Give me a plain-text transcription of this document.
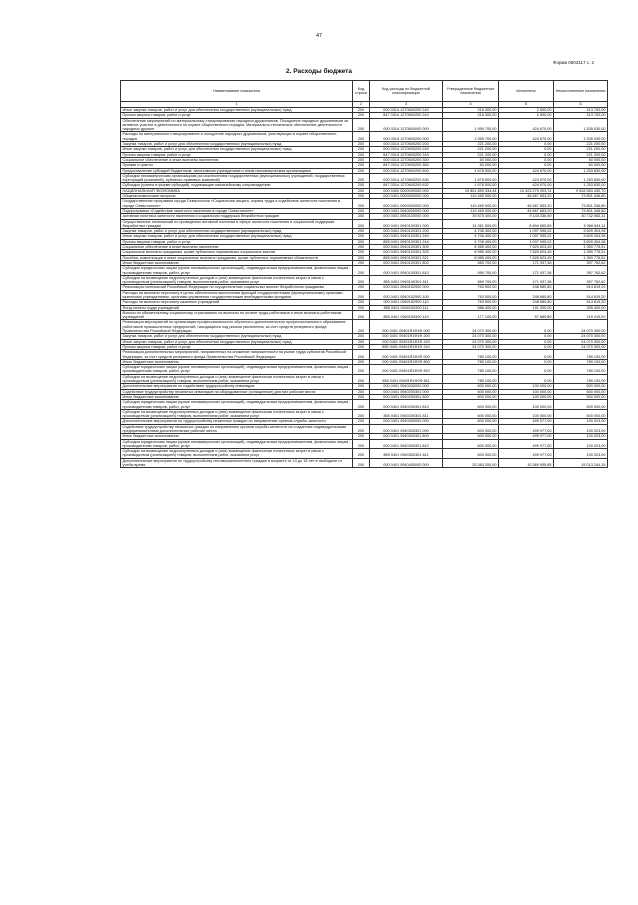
47
Форма 0503117 с. 2
2. Расходы бюджета
Наименование показателя	Код строки	Код расхода по бюджетной классификации	Утвержденные бюджетные назначения	Исполнено	Неисполненные назначения
1	2	3	4	5	6
Иные закупки товаров, работ и услуг для обеспечения государственных (муниципальных) нужд	200	000 0314 1270600200 240	316 300,00	2 600,00	313 700,00
Прочая закупка товаров, работ и услуг	200	847 0314 1270600200 244	316 300,00	2 600,00	313 700,00
Обеспечение мероприятий по материальному стимулированию народных дружинников. Поощрение народных дружинников за активное участие в деятельности по охране общественного порядка. Материально-техническое обеспечение деятельности народных дружин	200	000 0314 1270600000 000	1 959 700,00	424 670,00	1 535 030,00
Расходы на материальное стимулирование и поощрение народных дружинников, участвующих в охране общественного порядка	200	000 0314 1270600200 000	1 959 700,00	424 670,00	1 535 030,00
Закупка товаров, работ и услуг для обеспечения государственных (муниципальных) нужд	200	000 0314 1270600200 200	221 200,00	0,00	221 200,00
Иные закупки товаров, работ и услуг для обеспечения государственных (муниципальных) нужд	200	000 0314 1270600200 240	221 200,00	0,00	221 200,00
Прочая закупка товаров, работ и услуг	200	847 0314 1270600200 244	221 200,00	0,00	221 200,00
Социальное обеспечение и иные выплаты населению	200	000 0314 1270600200 300	60 000,00	0,00	60 000,00
Премии и гранты	200	847 0314 1270600200 350	60 000,00	0,00	60 000,00
Предоставление субсидий бюджетным, автономным учреждениям и иным некоммерческим организациям	200	000 0314 1270600200 600	1 678 500,00	424 670,00	1 253 830,00
Субсидии некоммерческим организациям (за исключением государственных (муниципальных) учреждений, государственных корпораций (компаний), публично-правовых компаний)	200	000 0314 1270600200 630	1 678 500,00	424 670,00	1 253 830,00
Субсидии (гранты в форме субсидий), подлежащие казначейскому сопровождению	200	847 0314 1270600200 632	1 678 500,00	424 670,00	1 253 830,00
НАЦИОНАЛЬНАЯ ЭКОНОМИКА	200	000 0400 0000000000 000	19 851 859 334,44	10 323 275 903,74	9 528 583 430,70
Общеэкономические вопросы	200	000 0401 0000000000 000	119 469 000,00	45 667 653,20	73 801 346,80
Государственная программа города Севастополя «Социальная защита, охрана труда и содействие занятости населения в городе Севастополе»	200	000 0401 0900000000 000	119 469 000,00	45 667 653,20	73 801 346,80
Подпрограмма «Содействие занятости населения в городе Севастополе»	200	000 0401 0940000000 000	119 469 000,00	45 667 653,20	73 801 346,80
Активная политика занятости населения и социальная поддержка безработных граждан	200	000 0401 0940100000 000	39 875 400,00	9 143 336,69	30 732 063,31
Осуществление полномочий по проведению активной политики в сфере занятости населения и социальной поддержке безработных граждан	200	000 0401 0940100301 000	14 261 500,00	8 894 655,89	5 366 844,11
Закупка товаров, работ и услуг для обеспечения государственных (муниципальных) нужд	200	000 0401 0940100301 200	4 706 400,00	1 097 095,02	3 609 304,98
Иные закупки товаров, работ и услуг для обеспечения государственных (муниципальных) нужд	200	000 0401 0940100301 240	4 706 400,00	1 097 095,02	3 609 304,98
Прочая закупка товаров, работ и услуг	200	855 0401 0940100301 244	4 706 400,00	1 097 095,02	3 609 304,98
Социальное обеспечение и иные выплаты населению	200	000 0401 0940100301 300	8 985 400,00	7 625 623,49	1 359 776,51
Социальные выплаты гражданам, кроме публичных нормативных социальных выплат	200	000 0401 0940100301 320	8 985 400,00	7 625 623,49	1 359 776,51
Пособия, компенсации и иные социальные выплаты гражданам, кроме публичных нормативных обязательств	200	855 0401 0940100301 321	8 985 400,00	7 625 623,49	1 359 776,51
Иные бюджетные ассигнования	200	000 0401 0940100301 800	569 700,00	171 937,38	397 762,62
Субсидии юридическим лицам (кроме некоммерческих организаций), индивидуальным предпринимателям, физическим лицам - производителям товаров, работ, услуг	200	000 0401 0940100301 810	569 700,00	171 937,38	397 762,62
Субсидии на возмещение недополученных доходов и (или) возмещение фактически понесенных затрат в связи с производством (реализацией) товаров, выполнением работ, оказанием услуг	200	855 0401 0940100301 811	569 700,00	171 937,38	397 762,62
Реализация полномочий Российской Федерации по осуществлению социальных выплат безработным гражданам	200	000 0401 0940152900 000	763 500,00	248 680,80	514 819,20
Расходы на выплаты персоналу в целях обеспечения выполнения функций государственными (муниципальными) органами, казенными учреждениями, органами управления государственными внебюджетными фондами	200	000 0401 0940152900 100	763 500,00	248 680,80	514 819,20
Расходы на выплаты персоналу казенных учреждений	200	000 0401 0940152900 110	763 500,00	248 680,80	514 819,20
Фонд оплаты труда учреждений	200	855 0401 0940152900 111	586 400,00	191 000,00	395 400,00
Взносы по обязательному социальному страхованию на выплаты по оплате труда работников и иные выплаты работникам учреждений	200	855 0401 0940152900 119	177 100,00	57 680,80	119 419,20
Реализация мероприятий по организации профессионального обучения и дополнительного профессионального образования работников промышленных предприятий, находящихся под риском увольнения, за счет средств резервного фонда Правительства Российской Федерации	200	000 0401 09401R1Ф1Ф 000	24 070 300,00	0,00	24 070 300,00
Закупка товаров, работ и услуг для обеспечения государственных (муниципальных) нужд	200	000 0401 09401R1Ф1Ф 200	24 070 300,00	0,00	24 070 300,00
Иные закупки товаров, работ и услуг для обеспечения государственных (муниципальных) нужд	200	000 0401 09401R1Ф1Ф 240	24 070 300,00	0,00	24 070 300,00
Прочая закупка товаров, работ и услуг	200	855 0401 09401R1Ф1Ф 244	24 070 300,00	0,00	24 070 300,00
Реализация дополнительных мероприятий, направленных на снижение напряженности на рынке труда субъектов Российской Федерации, за счет средств резервного фонда Правительства Российской Федерации	200	000 0401 09401R1Ф2Ф 000	780 100,00	0,00	780 100,00
Иные бюджетные ассигнования	200	000 0401 09401R1Ф2Ф 800	780 100,00	0,00	780 100,00
Субсидии юридическим лицам (кроме некоммерческих организаций), индивидуальным предпринимателям, физическим лицам - производителям товаров, работ, услуг	200	000 0401 09401R1Ф2Ф 810	780 100,00	0,00	780 100,00
Субсидии на возмещение недополученных доходов и (или) возмещение фактически понесенных затрат в связи с производством (реализацией) товаров, выполнением работ, оказанием услуг	200	855 0401 09401R1Ф2Ф 811	780 100,00	0,00	780 100,00
Дополнительные мероприятия по содействию трудоустройству инвалидов	200	000 0401 0940200000 000	600 000,00	100 000,00	500 000,00
Содействие трудоустройству незанятых инвалидов на оборудованные (оснащенные) для них рабочие места	200	000 0401 0940200301 000	600 000,00	100 000,00	500 000,00
Иные бюджетные ассигнования	200	000 0401 0940200301 800	600 000,00	100 000,00	500 000,00
Субсидии юридическим лицам (кроме некоммерческих организаций), индивидуальным предпринимателям, физическим лицам - производителям товаров, работ, услуг	200	000 0401 0940200301 810	600 000,00	100 000,00	500 000,00
Субсидии на возмещение недополученных доходов и (или) возмещение фактически понесенных затрат в связи с производством (реализацией) товаров, выполнением работ, оказанием услуг	200	855 0401 0940200301 811	600 000,00	100 000,00	500 000,00
Дополнительные мероприятия по трудоустройству незанятых граждан по направлению органов службы занятости	200	000 0401 0940300000 000	600 000,00	499 977,00	100 023,00
Содействие трудоустройству незанятых граждан по направлению органов службы занятости на созданные индивидуальными предпринимателями дополнительные рабочие места	200	000 0401 0940300301 000	600 000,00	499 977,00	100 023,00
Иные бюджетные ассигнования	200	000 0401 0940300301 800	600 000,00	499 977,00	100 023,00
Субсидии юридическим лицам (кроме некоммерческих организаций), индивидуальным предпринимателям, физическим лицам - производителям товаров, работ, услуг	200	000 0401 0940300301 810	600 000,00	499 977,00	100 023,00
Субсидии на возмещение недополученных доходов и (или) возмещение фактически понесенных затрат в связи с производством (реализацией) товаров, выполнением работ, оказанием услуг	200	855 0401 0940300301 811	600 000,00	499 977,00	100 023,00
Дополнительные мероприятия по трудоустройству несовершеннолетних граждан в возрасте от 14 до 18 лет в свободное от учебы время	200	000 0401 0940400000 000	25 383 200,00	10 369 955,85	15 013 244,15
